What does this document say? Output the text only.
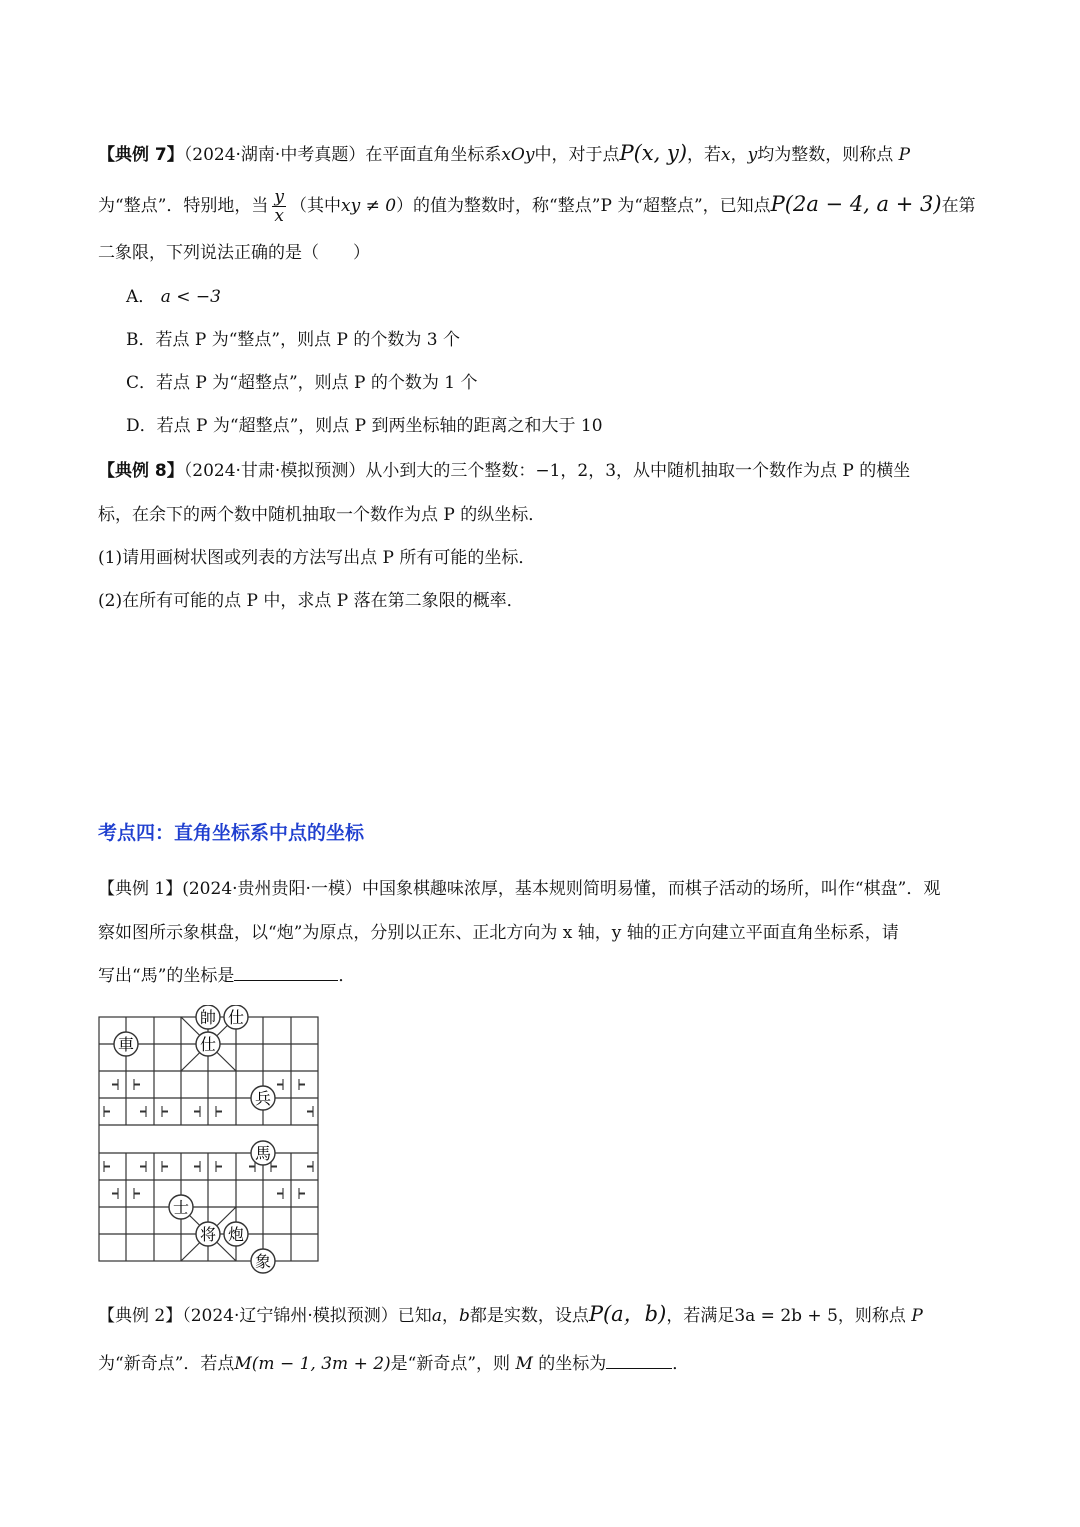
【典例 7】（2024·湖南·中考真题）在平面直角坐标系xOy中，对于点P(x, y)，若x，y均为整数，则称点 P
为“整点”．特别地，当 $\frac{y}{x}$ （其中xy ≠ 0）的值为整数时，称“整点”P 为“超整点”，已知点P(2a − 4, a + 3)在第
二象限，下列说法正确的是（　　）
A． a < −3
B．若点 P 为“整点”，则点 P 的个数为 3 个
C．若点 P 为“超整点”，则点 P 的个数为 1 个
D．若点 P 为“超整点”，则点 P 到两坐标轴的距离之和大于 10
【典例 8】（2024·甘肃·模拟预测）从小到大的三个整数：−1，2，3，从中随机抽取一个数作为点 P 的横坐
标，在余下的两个数中随机抽取一个数作为点 P 的纵坐标．
(1)请用画树状图或列表的方法写出点 P 所有可能的坐标．
(2)在所有可能的点 P 中，求点 P 落在第二象限的概率．
考点四：直角坐标系中点的坐标
【典例 1】(2024·贵州贵阳·一模）中国象棋趣味浓厚，基本规则简明易懂，而棋子活动的场所，叫作“棋盘”．观
察如图所示象棋盘，以“炮”为原点，分别以正东、正北方向为 x 轴，y 轴的正方向建立平面直角坐标系，请
写出“馬”的坐标是	．
帥 仕
仕
車
兵
馬
士
将 炮
象
【典例 2】（2024·辽宁锦州·模拟预测）已知a，b都是实数，设点P(a，b)，若满足3a = 2b + 5，则称点 P
为“新奇点”．若点M(m − 1, 3m + 2)是“新奇点”，则 M 的坐标为	．
